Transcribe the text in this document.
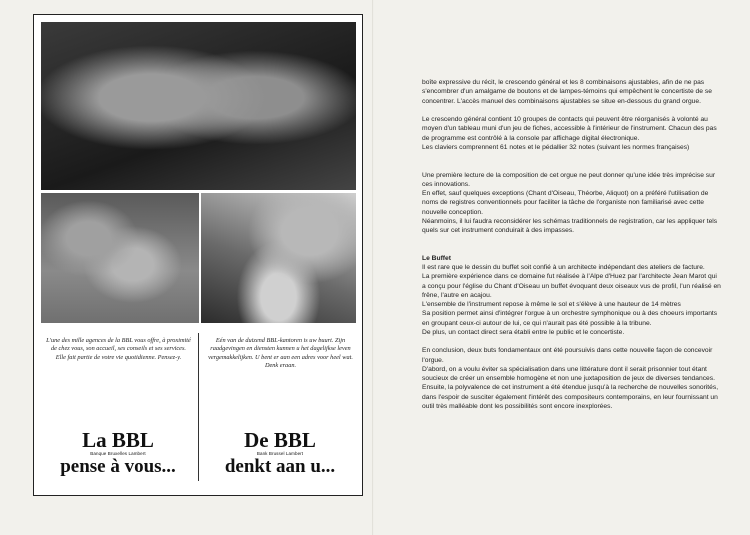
L'une des mille agences de la BBL vous offre, à proximité de chez vous, son accueil, ses conseils et ses services. Elle fait partie de votre vie quotidienne. Pensez-y.
Eén van de duizend BBL-kantoren is uw buurt. Zijn raadgevingen en diensten kunnen u het dagelijkse leven vergemakkelijken. U bent er aan een adres voor heel wat. Denk eraan.
La BBL
Banque Bruxelles Lambert
pense à vous...
De BBL
Bank Brussel Lambert
denkt aan u...

boîte expressive du récit, le crescendo général et les 8 combinaisons ajustables, afin de ne pas s'encombrer d'un amalgame de boutons et de lampes-témoins qui empêchent le concertiste de se concentrer. L'accès manuel des combinaisons ajustables se situe en-dessous du grand orgue.

Le crescendo général contient 10 groupes de contacts qui peuvent être réorganisés à volonté au moyen d'un tableau muni d'un jeu de fiches, accessible à l'intérieur de l'instrument. Chacun des pas de programme est contrôlé à la console par affichage digital électronique.

Les claviers comprennent 61 notes et le pédallier 32 notes (suivant les normes françaises)

Une première lecture de la composition de cet orgue ne peut donner qu'une idée très imprécise sur ces innovations.

En effet, sauf quelques exceptions (Chant d'Oiseau, Théorbe, Aliquot) on a préféré l'utilisation de noms de registres conventionnels pour faciliter la tâche de l'organiste non familiarisé avec cette nouvelle conception.

Néanmoins, il lui faudra reconsidérer les schémas traditionnels de registration, car les appliquer tels quels sur cet instrument conduirait à des impasses.

Le Buffet

Il est rare que le dessin du buffet soit confié à un architecte indépendant des ateliers de facture.

La première expérience dans ce domaine fut réalisée à l'Alpe d'Huez par l'architecte Jean Marot qui a conçu pour l'église du Chant d'Oiseau un buffet évoquant deux oiseaux vus de profil, l'un réalisé en frêne, l'autre en acajou.

L'ensemble de l'instrument repose à même le sol et s'élève à une hauteur de 14 mètres

Sa position permet ainsi d'intégrer l'orgue à un orchestre symphonique ou à des choeurs importants en groupant ceux-ci autour de lui, ce qui n'aurait pas été possible à la tribune.

De plus, un contact direct sera établi entre le public et le concertiste.

En conclusion, deux buts fondamentaux ont été poursuivis dans cette nouvelle façon de concevoir l'orgue.

D'abord, on a voulu éviter sa spécialisation dans une littérature dont il serait prisonnier tout étant soucieux de créer un ensemble homogène et non une juxtaposition de jeux de diverses tendances. Ensuite, la polyvalence de cet instrument a été étendue jusqu'à la recherche de nouvelles sonorités, dans l'espoir de susciter également l'intérêt des compositeurs contemporains, en leur fournissant un outil très malléable dont les possibilités sont encore inexplorées.
